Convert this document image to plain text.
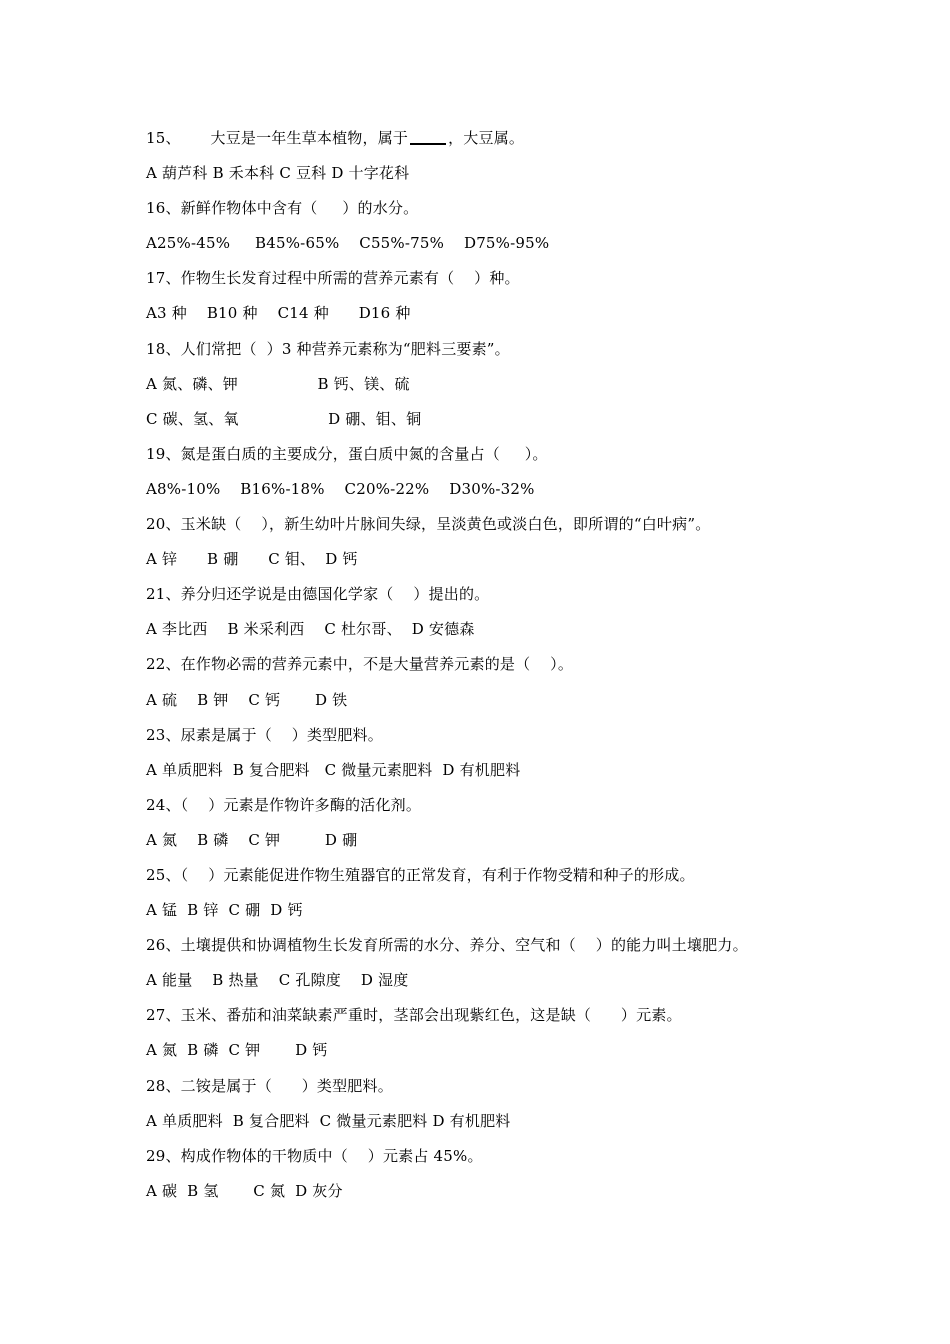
15、      大豆是一年生草本植物，属于	，大豆属。
A 葫芦科 B 禾本科 C 豆科 D 十字花科
16、新鲜作物体中含有（     ）的水分。
A25%-45%     B45%-65%    C55%-75%    D75%-95%
17、作物生长发育过程中所需的营养元素有（    ）种。
A3 种    B10 种    C14 种      D16 种
18、人们常把（  ）3 种营养元素称为“肥料三要素”。
A 氮、磷、钾                B 钙、镁、硫
C 碳、氢、氧                  D 硼、钼、铜
19、氮是蛋白质的主要成分，蛋白质中氮的含量占（     ）。
A8%-10%    B16%-18%    C20%-22%    D30%-32%
20、玉米缺（    ），新生幼叶片脉间失绿，呈淡黄色或淡白色，即所谓的“白叶病”。
A 锌      B 硼      C 钼、  D 钙
21、养分归还学说是由德国化学家（    ）提出的。
A 李比西    B 米采利西    C 杜尔哥、  D 安德森
22、在作物必需的营养元素中，不是大量营养元素的是（    ）。
A 硫    B 钾    C 钙       D 铁
23、尿素是属于（    ）类型肥料。
A 单质肥料  B 复合肥料   C 微量元素肥料  D 有机肥料
24、（    ）元素是作物许多酶的活化剂。
A 氮    B 磷    C 钾         D 硼
25、（    ）元素能促进作物生殖器官的正常发育，有利于作物受精和种子的形成。
A 锰  B 锌  C 硼  D 钙
26、土壤提供和协调植物生长发育所需的水分、养分、空气和（    ）的能力叫土壤肥力。
A 能量    B 热量    C 孔隙度    D 湿度
27、玉米、番茄和油菜缺素严重时，茎部会出现紫红色，这是缺（      ）元素。
A 氮  B 磷  C 钾       D 钙
28、二铵是属于（      ）类型肥料。
A 单质肥料  B 复合肥料  C 微量元素肥料 D 有机肥料
29、构成作物体的干物质中（    ）元素占 45%。
A 碳  B 氢       C 氮  D 灰分
